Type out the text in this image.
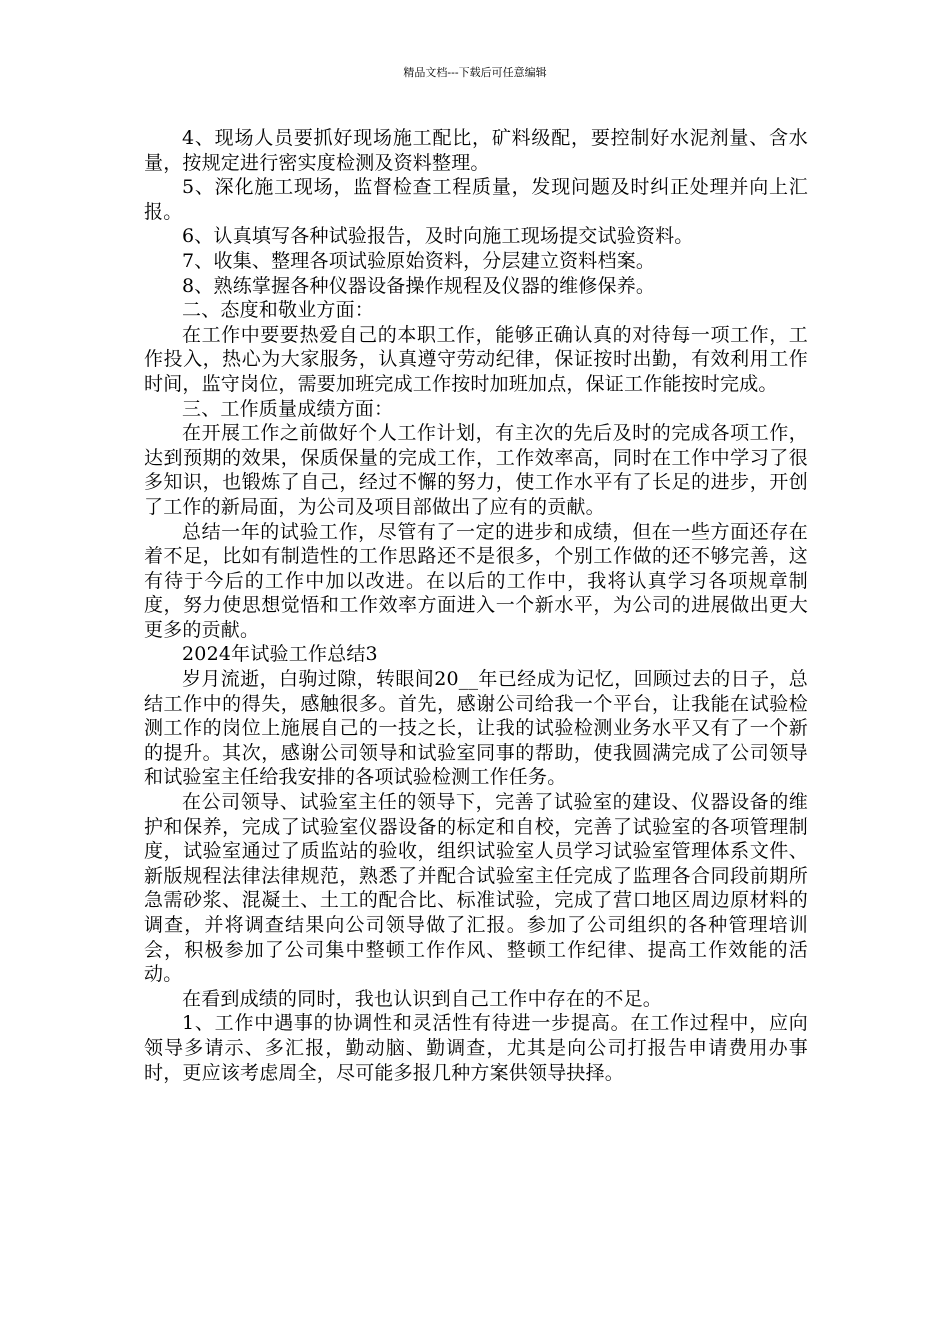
精品文档---下载后可任意编辑

4、现场人员要抓好现场施工配比，矿料级配，要控制好水泥剂量、含水量，按规定进行密实度检测及资料整理。

5、深化施工现场，监督检查工程质量，发现问题及时纠正处理并向上汇报。

6、认真填写各种试验报告，及时向施工现场提交试验资料。

7、收集、整理各项试验原始资料，分层建立资料档案。

8、熟练掌握各种仪器设备操作规程及仪器的维修保养。

二、态度和敬业方面：

在工作中要要热爱自己的本职工作，能够正确认真的对待每一项工作，工作投入，热心为大家服务，认真遵守劳动纪律，保证按时出勤，有效利用工作时间，监守岗位，需要加班完成工作按时加班加点，保证工作能按时完成。

三、工作质量成绩方面：

在开展工作之前做好个人工作计划，有主次的先后及时的完成各项工作，达到预期的效果，保质保量的完成工作，工作效率高，同时在工作中学习了很多知识，也锻炼了自己，经过不懈的努力，使工作水平有了长足的进步，开创了工作的新局面，为公司及项目部做出了应有的贡献。

总结一年的试验工作，尽管有了一定的进步和成绩，但在一些方面还存在着不足，比如有制造性的工作思路还不是很多，个别工作做的还不够完善，这有待于今后的工作中加以改进。在以后的工作中，我将认真学习各项规章制度，努力使思想觉悟和工作效率方面进入一个新水平，为公司的进展做出更大更多的贡献。

2024年试验工作总结3

岁月流逝，白驹过隙，转眼间20__年已经成为记忆，回顾过去的日子，总结工作中的得失，感触很多。首先，感谢公司给我一个平台，让我能在试验检测工作的岗位上施展自己的一技之长，让我的试验检测业务水平又有了一个新的提升。其次，感谢公司领导和试验室同事的帮助，使我圆满完成了公司领导和试验室主任给我安排的各项试验检测工作任务。

在公司领导、试验室主任的领导下，完善了试验室的建设、仪器设备的维护和保养，完成了试验室仪器设备的标定和自校，完善了试验室的各项管理制度，试验室通过了质监站的验收，组织试验室人员学习试验室管理体系文件、新版规程法律法律规范，熟悉了并配合试验室主任完成了监理各合同段前期所急需砂浆、混凝土、土工的配合比、标准试验，完成了营口地区周边原材料的调查，并将调查结果向公司领导做了汇报。参加了公司组织的各种管理培训会，积极参加了公司集中整顿工作作风、整顿工作纪律、提高工作效能的活动。

在看到成绩的同时，我也认识到自己工作中存在的不足。

1、工作中遇事的协调性和灵活性有待进一步提高。在工作过程中，应向领导多请示、多汇报，勤动脑、勤调查，尤其是向公司打报告申请费用办事时，更应该考虑周全，尽可能多报几种方案供领导抉择。
